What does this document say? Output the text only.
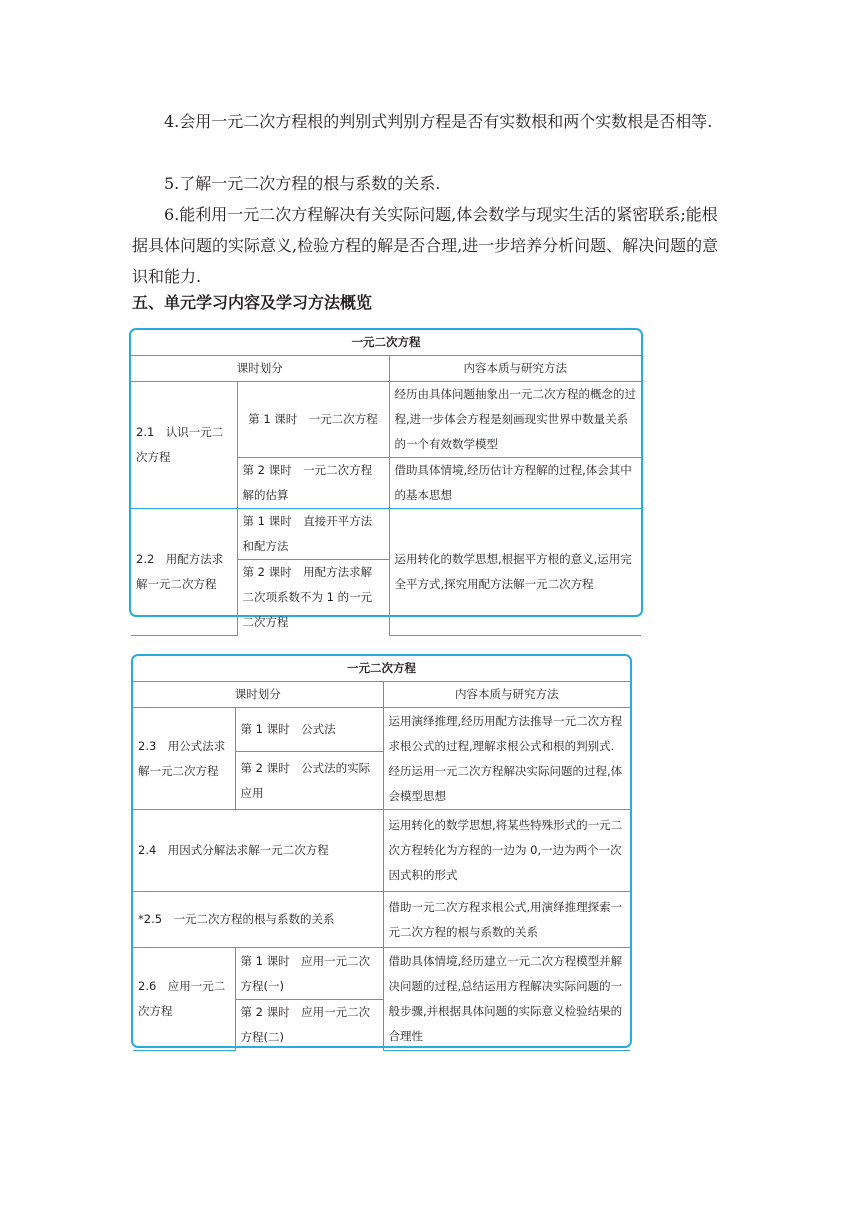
4.会用一元二次方程根的判别式判别方程是否有实数根和两个实数根是否相等.

5.了解一元二次方程的根与系数的关系.

6.能利用一元二次方程解决有关实际问题,体会数学与现实生活的紧密联系;能根据具体问题的实际意义,检验方程的解是否合理,进一步培养分析问题、解决问题的意识和能力.

五、单元学习内容及学习方法概览

一元二次方程		
课时划分		内容本质与研究方法
2.1　认识一元二次方程	第 1 课时　一元二次方程	经历由具体问题抽象出一元二次方程的概念的过程,进一步体会方程是刻画现实世界中数量关系的一个有效数学模型
	第 2 课时　一元二次方程解的估算	借助具体情境,经历估计方程解的过程,体会其中的基本思想
2.2　用配方法求解一元二次方程	第 1 课时　直接开平方法和配方法	运用转化的数学思想,根据平方根的意义,运用完全平方式,探究用配方法解一元二次方程
	第 2 课时　用配方法求解二次项系数不为 1 的一元二次方程	
一元二次方程		
课时划分		内容本质与研究方法
2.3　用公式法求解一元二次方程	第 1 课时　公式法	运用演绎推理,经历用配方法推导一元二次方程求根公式的过程,理解求根公式和根的判别式.经历运用一元二次方程解决实际问题的过程,体会模型思想
	第 2 课时　公式法的实际应用	
2.4　用因式分解法求解一元二次方程		运用转化的数学思想,将某些特殊形式的一元二次方程转化为方程的一边为 0,一边为两个一次因式积的形式
*2.5　一元二次方程的根与系数的关系		借助一元二次方程求根公式,用演绎推理探索一元二次方程的根与系数的关系
2.6　应用一元二次方程	第 1 课时　应用一元二次方程(一)	借助具体情境,经历建立一元二次方程模型并解决问题的过程,总结运用方程解决实际问题的一般步骤,并根据具体问题的实际意义检验结果的合理性
	第 2 课时　应用一元二次方程(二)	
